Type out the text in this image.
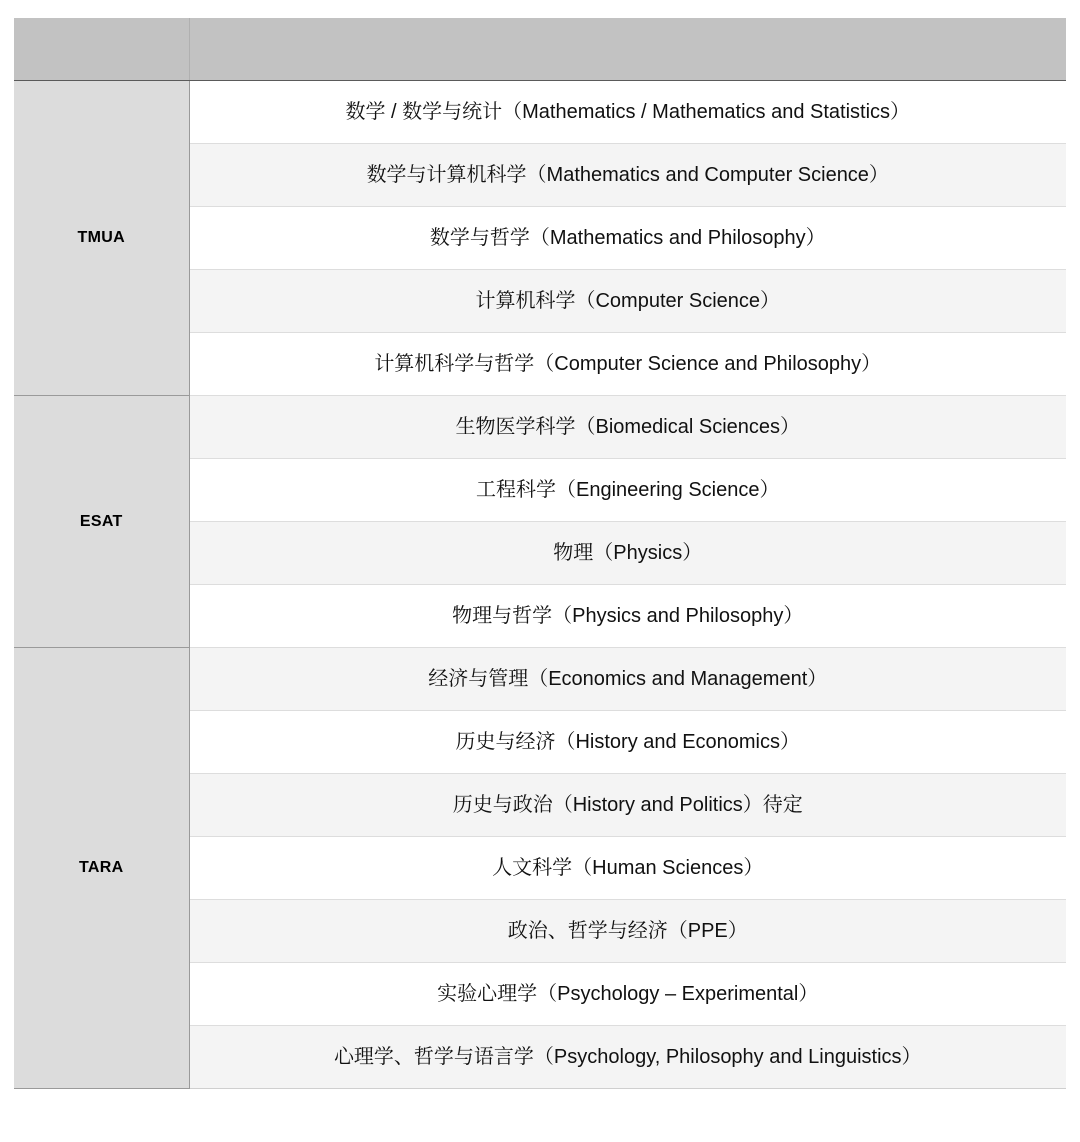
TMUA	数学 / 数学与统计（Mathematics / Mathematics and Statistics）
	数学与计算机科学（Mathematics and Computer Science）
	数学与哲学（Mathematics and Philosophy）
	计算机科学（Computer Science）
	计算机科学与哲学（Computer Science and Philosophy）
ESAT	生物医学科学（Biomedical Sciences）
	工程科学（Engineering Science）
	物理（Physics）
	物理与哲学（Physics and Philosophy）
TARA	经济与管理（Economics and Management）
	历史与经济（History and Economics）
	历史与政治（History and Politics）待定
	人文科学（Human Sciences）
	政治、哲学与经济（PPE）
	实验心理学（Psychology – Experimental）
	心理学、哲学与语言学（Psychology, Philosophy and Linguistics）
